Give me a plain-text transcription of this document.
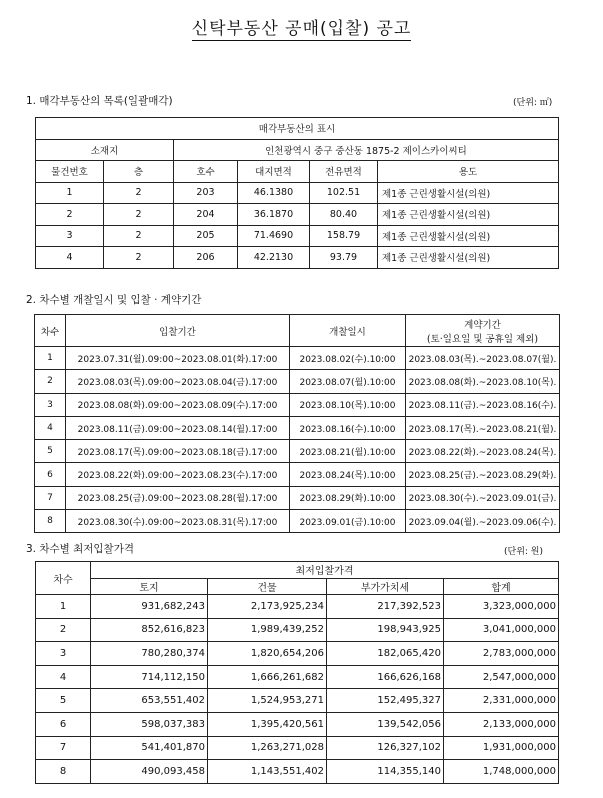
신탁부동산 공매(입찰) 공고
1. 매각부동산의 목록(일괄매각)	(단위: ㎡)
매각부동산의 표시					
소재지		인천광역시 중구 중산동 1875-2 제이스카이씨티			
물건번호	층	호수	대지면적	전유면적	용도
1	2	203	46.1380	102.51	제1종 근린생활시설(의원)
2	2	204	36.1870	80.40	제1종 근린생활시설(의원)
3	2	205	71.4690	158.79	제1종 근린생활시설(의원)
4	2	206	42.2130	93.79	제1종 근린생활시설(의원)
2. 차수별 개찰일시 및 입찰 · 계약기간
차수	입찰기간	개찰일시	계약기간
(토·일요일 및 공휴일 제외)

1	2023.07.31(월).09:00~2023.08.01(화).17:00	2023.08.02(수).10:00	2023.08.03(목).~2023.08.07(월).
2	2023.08.03(목).09:00~2023.08.04(금).17:00	2023.08.07(월).10:00	2023.08.08(화).~2023.08.10(목).
3	2023.08.08(화).09:00~2023.08.09(수).17:00	2023.08.10(목).10:00	2023.08.11(금).~2023.08.16(수).
4	2023.08.11(금).09:00~2023.08.14(월).17:00	2023.08.16(수).10:00	2023.08.17(목).~2023.08.21(월).
5	2023.08.17(목).09:00~2023.08.18(금).17:00	2023.08.21(월).10:00	2023.08.22(화).~2023.08.24(목).
6	2023.08.22(화).09:00~2023.08.23(수).17:00	2023.08.24(목).10:00	2023.08.25(금).~2023.08.29(화).
7	2023.08.25(금).09:00~2023.08.28(월).17:00	2023.08.29(화).10:00	2023.08.30(수).~2023.09.01(금).
8	2023.08.30(수).09:00~2023.08.31(목).17:00	2023.09.01(금).10:00	2023.09.04(월).~2023.09.06(수).
3. 차수별 최저입찰가격	(단위: 원)
차수	최저입찰가격			
	토지	건물	부가가치세	합계
1	931,682,243	2,173,925,234	217,392,523	3,323,000,000
2	852,616,823	1,989,439,252	198,943,925	3,041,000,000
3	780,280,374	1,820,654,206	182,065,420	2,783,000,000
4	714,112,150	1,666,261,682	166,626,168	2,547,000,000
5	653,551,402	1,524,953,271	152,495,327	2,331,000,000
6	598,037,383	1,395,420,561	139,542,056	2,133,000,000
7	541,401,870	1,263,271,028	126,327,102	1,931,000,000
8	490,093,458	1,143,551,402	114,355,140	1,748,000,000
